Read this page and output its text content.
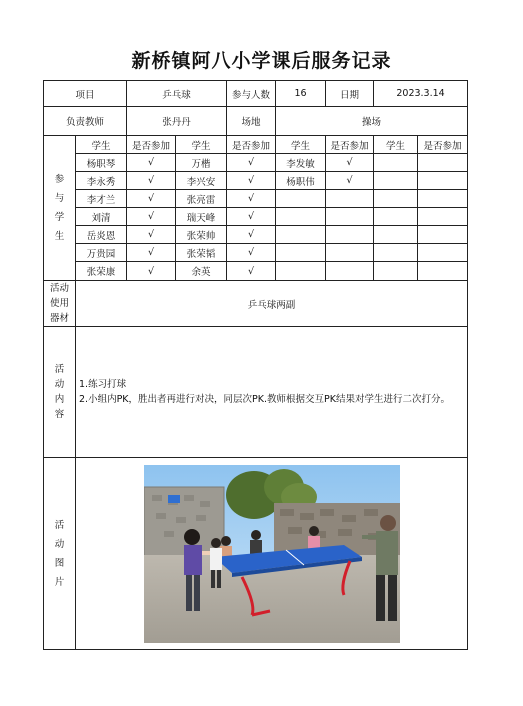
新桥镇阿八小学课后服务记录
项目		乒乓球		参与人数	16	日期	2023.3.14	
负责教师		张丹丹		场地	操场			
参与学生	学生	是否参加	学生	是否参加	学生	是否参加	学生	是否参加
	杨职琴	√	万楷	√	李发敏	√		
	李永秀	√	李兴安	√	杨职伟	√		
	李才兰	√	张亮雷	√				
	刘清	√	瑞天峰	√				
	岳炎恩	√	张荣帅	√				
	万贵园	√	张荣韬	√				
	张荣康	√	余英	√				
活动使用器材	乒乓球两副							
活动内容	1.练习打球
2.小组内PK，胜出者再进行对决，同层次PK.教师根据交互PK结果对学生进行二次打分。							

活动图片	
